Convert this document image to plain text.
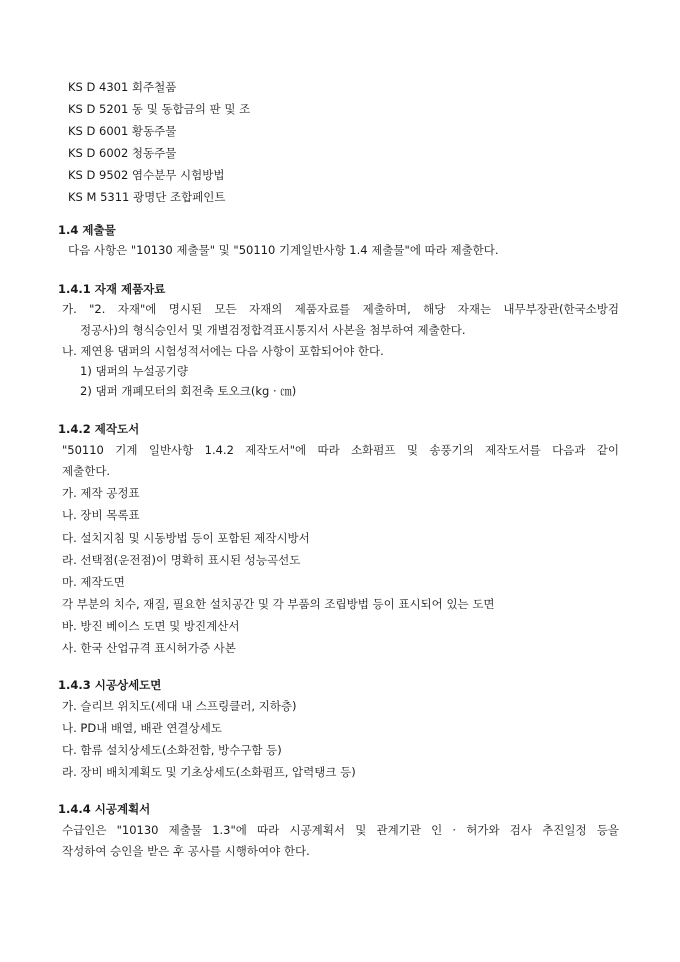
KS D 4301 회주철품
KS D 5201 동 및 동합금의 판 및 조
KS D 6001 황동주물
KS D 6002 청동주물
KS D 9502 염수분무 시험방법
KS M 5311 광명단 조합페인트
1.4 제출물
다음 사항은 "10130 제출물" 및 "50110 기계일반사항 1.4 제출물"에 따라 제출한다.
1.4.1 자재 제품자료
가. "2. 자재"에 명시된 모든 자재의 제품자료를 제출하며, 해당 자재는 내무부장관(한국소방검
정공사)의 형식승인서 및 개별검정합격표시통지서 사본을 첨부하여 제출한다.
나. 제연용 댐퍼의 시험성적서에는 다음 사항이 포함되어야 한다.
1) 댐퍼의 누설공기량
2) 댐퍼 개폐모터의 회전축 토오크(kg · ㎝)
1.4.2 제작도서
"50110 기계 일반사항 1.4.2 제작도서"에 따라 소화펌프 및 송풍기의 제작도서를 다음과 같이
제출한다.
가. 제작 공정표
나. 장비 목록표
다. 설치지침 및 시동방법 등이 포함된 제작시방서
라. 선택점(운전점)이 명확히 표시된 성능곡선도
마. 제작도면
각 부분의 치수, 재질, 필요한 설치공간 및 각 부품의 조립방법 등이 표시되어 있는 도면
바. 방진 베이스 도면 및 방진계산서
사. 한국 산업규격 표시허가증 사본
1.4.3 시공상세도면
가. 슬리브 위치도(세대 내 스프링클러, 지하층)
나. PD내 배열, 배관 연결상세도
다. 함류 설치상세도(소화전함, 방수구함 등)
라. 장비 배치계획도 및 기초상세도(소화펌프, 압력탱크 등)
1.4.4 시공계획서
수급인은 "10130 제출물 1.3"에 따라 시공계획서 및 관계기관 인 · 허가와 검사 추진일정 등을
작성하여 승인을 받은 후 공사를 시행하여야 한다.
